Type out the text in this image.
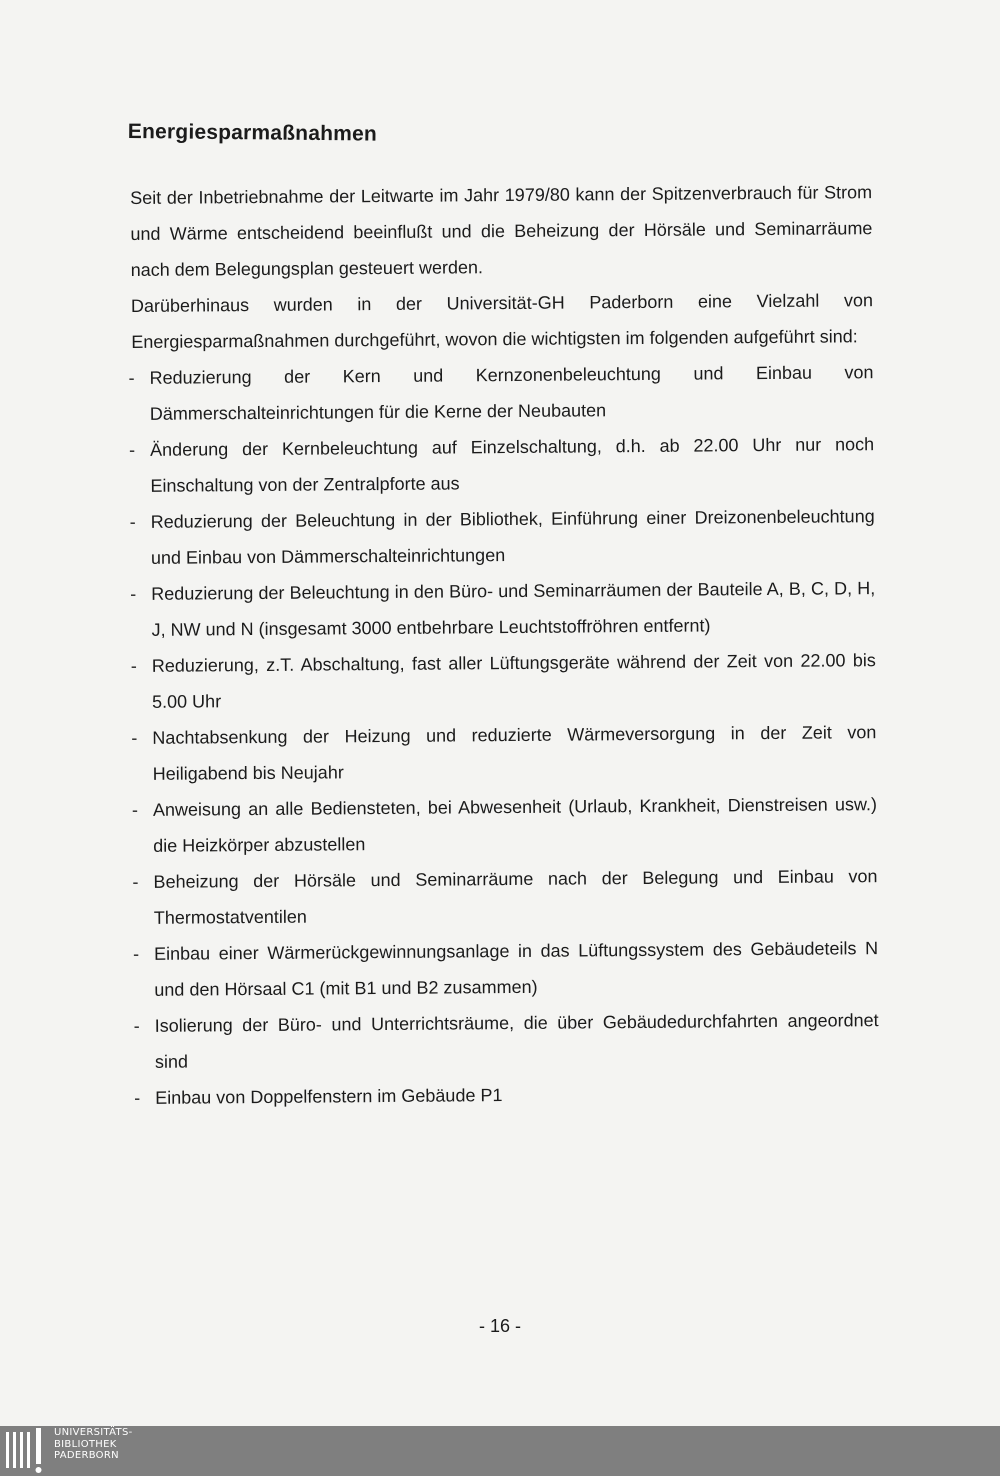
Energiesparmaßnahmen

Seit der Inbetriebnahme der Leitwarte im Jahr 1979/80 kann der Spitzenverbrauch für Strom und Wärme entscheidend beeinflußt und die Beheizung der Hörsäle und Seminarräume nach dem Belegungsplan gesteuert werden.

Darüberhinaus wurden in der Universität-GH Paderborn eine Vielzahl von Energiesparmaßnahmen durchgeführt, wovon die wichtigsten im folgenden aufgeführt sind:

- Reduzierung der Kern und Kernzonenbeleuchtung und Einbau von Dämmerschalteinrichtungen für die Kerne der Neubauten
- Änderung der Kernbeleuchtung auf Einzelschaltung, d.h. ab 22.00 Uhr nur noch Einschaltung von der Zentralpforte aus
- Reduzierung der Beleuchtung in der Bibliothek, Einführung einer Dreizonenbeleuchtung und Einbau von Dämmerschalteinrichtungen
- Reduzierung der Beleuchtung in den Büro- und Seminarräumen der Bauteile A, B, C, D, H, J, NW und N (insgesamt 3000 entbehrbare Leuchtstoffröhren entfernt)
- Reduzierung, z.T. Abschaltung, fast aller Lüftungsgeräte während der Zeit von 22.00 bis 5.00 Uhr
- Nachtabsenkung der Heizung und reduzierte Wärmeversorgung in der Zeit von Heiligabend bis Neujahr
- Anweisung an alle Bediensteten, bei Abwesenheit (Urlaub, Krankheit, Dienstreisen usw.) die Heizkörper abzustellen
- Beheizung der Hörsäle und Seminarräume nach der Belegung und Einbau von Thermostatventilen
- Einbau einer Wärmerückgewinnungsanlage in das Lüftungssystem des Gebäudeteils N und den Hörsaal C1 (mit B1 und B2 zusammen)
- Isolierung der Büro- und Unterrichtsräume, die über Gebäudedurchfahrten angeordnet sind
- Einbau von Doppelfenstern im Gebäude P1
- 16 -
UNIVERSITÄTS-
BIBLIOTHEK
PADERBORN
